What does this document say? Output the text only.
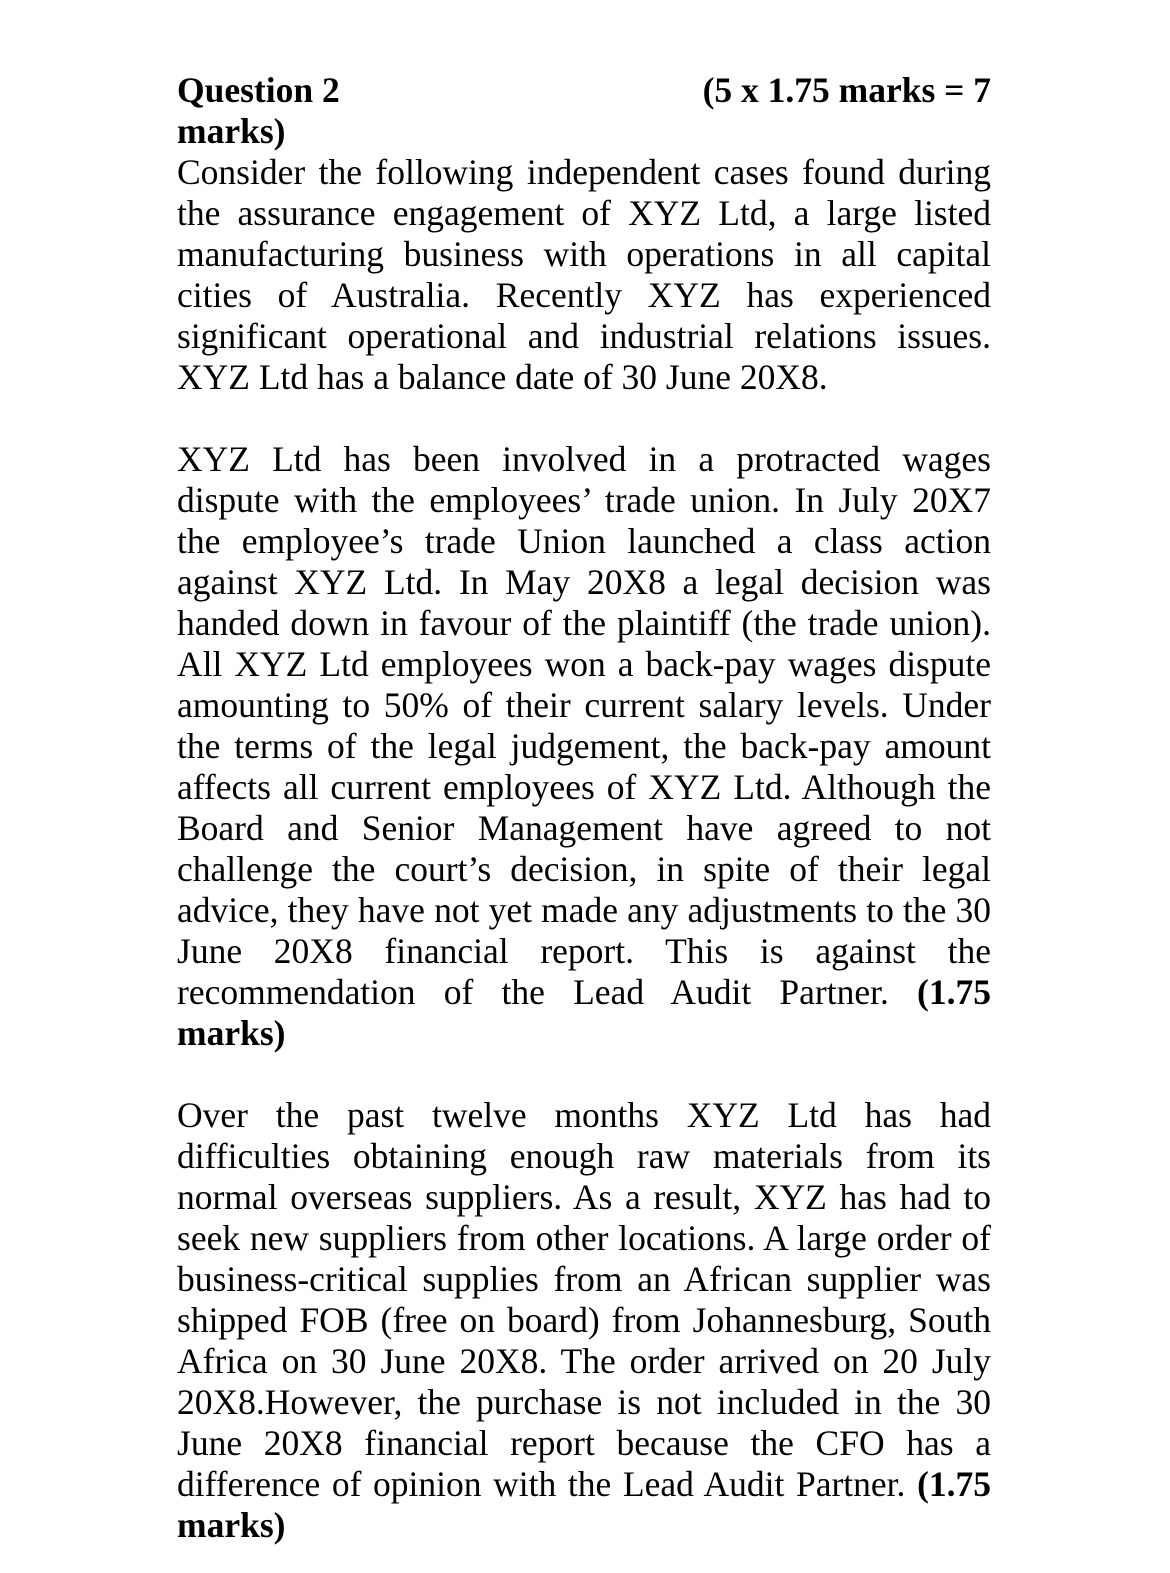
Question 2	(5 x 1.75 marks = 7
marks)

Consider the following independent cases found during the assurance engagement of XYZ Ltd, a large listed manufacturing business with operations in all capital cities of Australia. Recently XYZ has experienced significant operational and industrial relations issues. XYZ Ltd has a balance date of 30 June 20X8.

XYZ Ltd has been involved in a protracted wages dispute with the employees’ trade union. In July 20X7 the employee’s trade Union launched a class action against XYZ Ltd. In May 20X8 a legal decision was handed down in favour of the plaintiff (the trade union). All XYZ Ltd employees won a back-pay wages dispute amounting to 50% of their current salary levels. Under the terms of the legal judgement, the back-pay amount affects all current employees of XYZ Ltd. Although the Board and Senior Management have agreed to not challenge the court’s decision, in spite of their legal advice, they have not yet made any adjustments to the 30 June 20X8 financial report. This is against the recommendation of the Lead Audit Partner. (1.75 marks)

Over the past twelve months XYZ Ltd has had difficulties obtaining enough raw materials from its normal overseas suppliers. As a result, XYZ has had to seek new suppliers from other locations. A large order of business-critical supplies from an African supplier was shipped FOB (free on board) from Johannesburg, South Africa on 30 June 20X8. The order arrived on 20 July 20X8.However, the purchase is not included in the 30 June 20X8 financial report because the CFO has a difference of opinion with the Lead Audit Partner. (1.75 marks)
